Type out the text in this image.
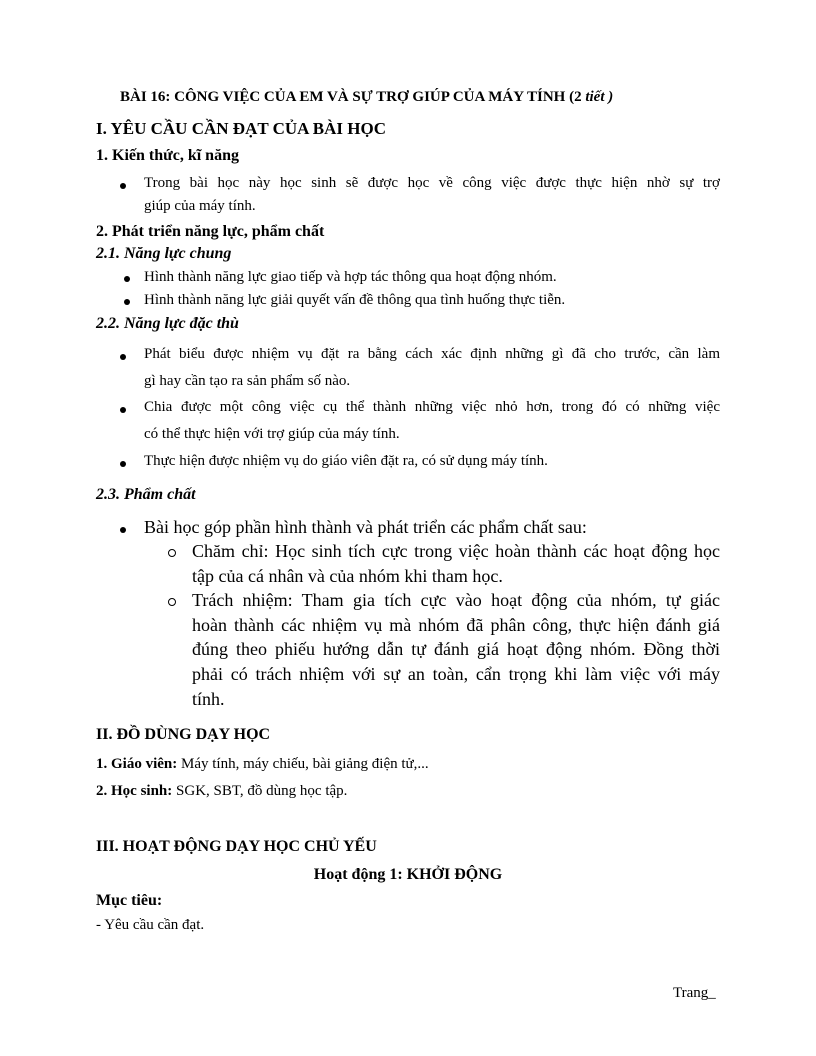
BÀI 16: CÔNG VIỆC CỦA EM VÀ SỰ TRỢ GIÚP CỦA MÁY TÍNH (2 tiết )
I. YÊU CẦU CẦN ĐẠT CỦA BÀI HỌC
1. Kiến thức, kĩ năng
Trong bài học này học sinh sẽ được học về công việc được thực hiện nhờ sự trợ
giúp của máy tính.
2. Phát triển năng lực, phẩm chất
2.1. Năng lực chung
Hình thành năng lực giao tiếp và hợp tác thông qua hoạt động nhóm.
Hình thành năng lực giải quyết vấn đề thông qua tình huống thực tiễn.
2.2. Năng lực đặc thù
Phát biểu được nhiệm vụ đặt ra bằng cách xác định những gì đã cho trước, cần làm
gì hay cần tạo ra sản phẩm số nào.
Chia được một công việc cụ thể thành những việc nhỏ hơn, trong đó có những việc
có thể thực hiện với trợ giúp của máy tính.
Thực hiện được nhiệm vụ do giáo viên đặt ra, có sử dụng máy tính.
2.3. Phẩm chất
Bài học góp phần hình thành và phát triển các phẩm chất sau:
Chăm chỉ: Học sinh tích cực trong việc hoàn thành các hoạt động học
tập của cá nhân và của nhóm khi tham học.
Trách nhiệm: Tham gia tích cực vào hoạt động của nhóm, tự giác
hoàn thành các nhiệm vụ mà nhóm đã phân công, thực hiện đánh giá
đúng theo phiếu hướng dẫn tự đánh giá hoạt động nhóm. Đồng thời
phải có trách nhiệm với sự an toàn, cẩn trọng khi làm việc với máy
tính.
II. ĐỒ DÙNG DẠY HỌC
1. Giáo viên: Máy tính, máy chiếu, bài giảng điện tử,...
2. Học sinh: SGK, SBT, đồ dùng học tập.
III. HOẠT ĐỘNG DẠY HỌC CHỦ YẾU
Hoạt động 1: KHỞI ĐỘNG
Mục tiêu:
- Yêu cầu cần đạt.
Trang_
